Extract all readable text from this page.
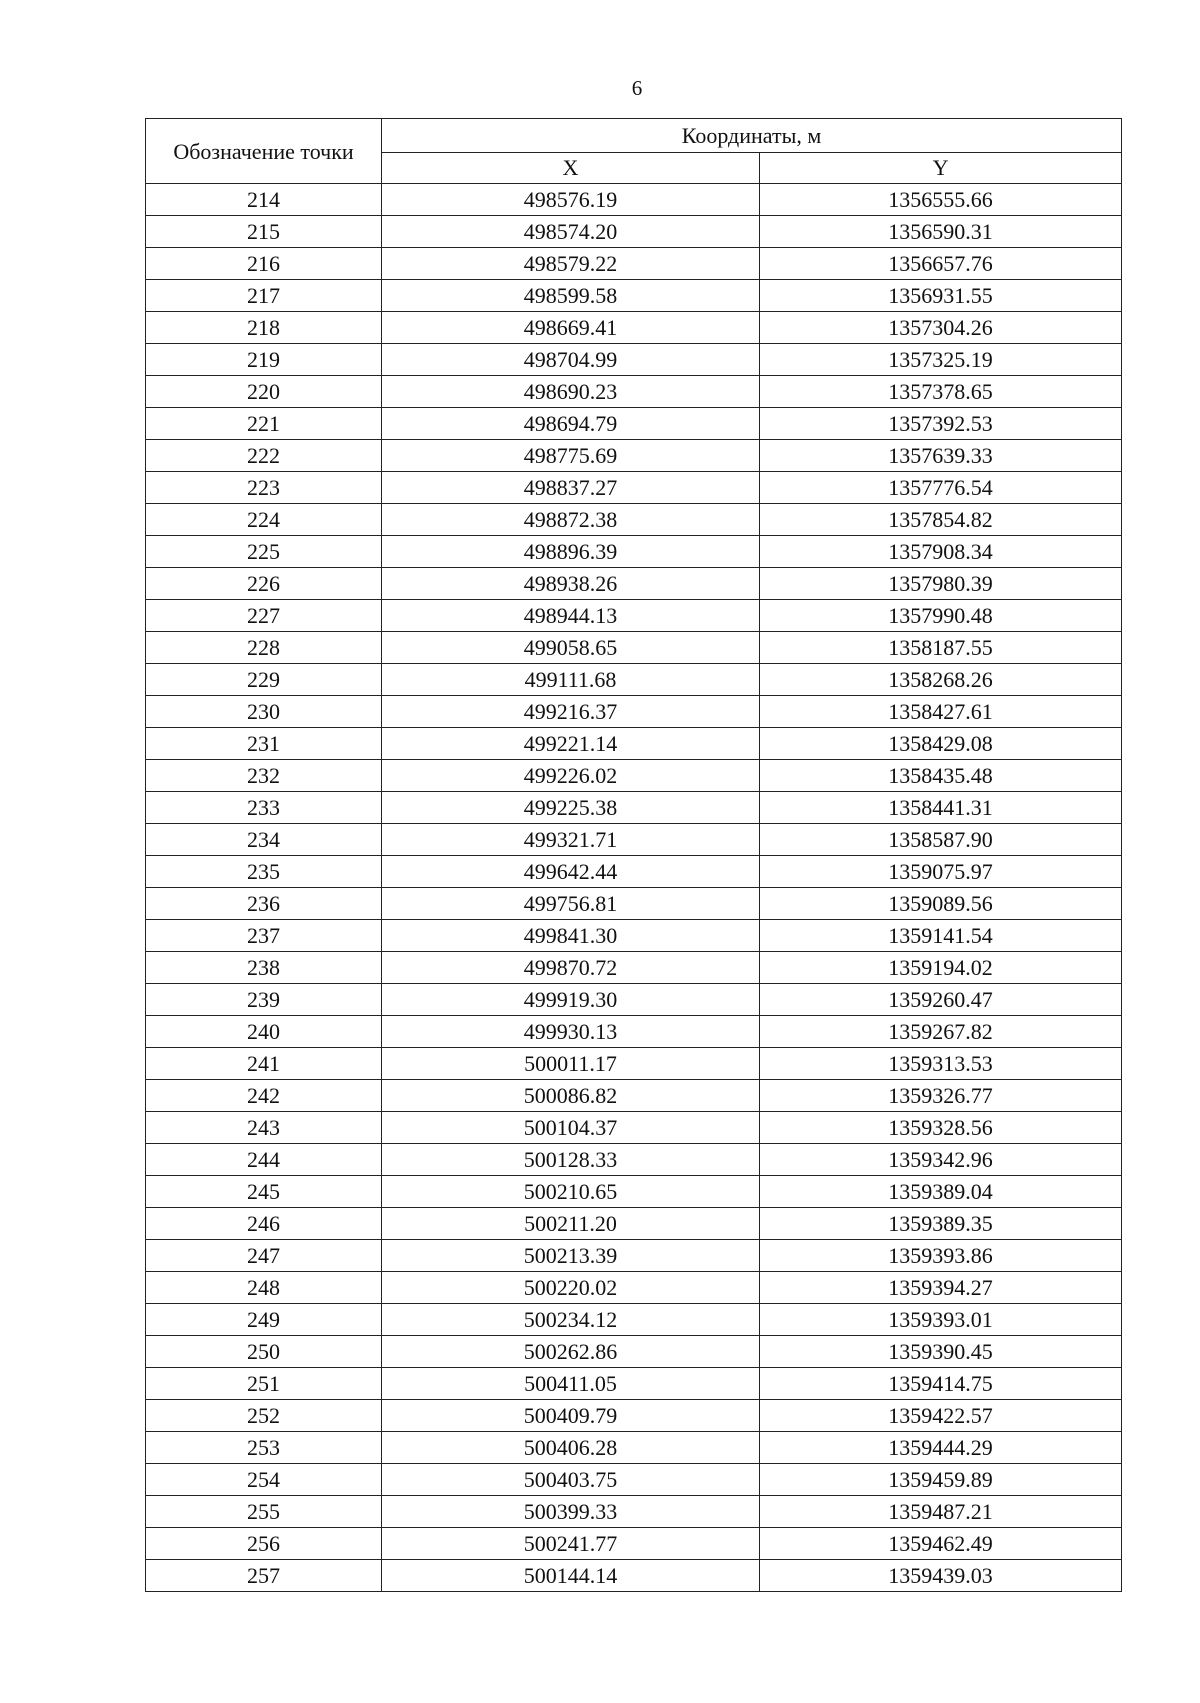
6
Обозначение точки	Координаты, м	
	X	Y
214	498576.19	1356555.66
215	498574.20	1356590.31
216	498579.22	1356657.76
217	498599.58	1356931.55
218	498669.41	1357304.26
219	498704.99	1357325.19
220	498690.23	1357378.65
221	498694.79	1357392.53
222	498775.69	1357639.33
223	498837.27	1357776.54
224	498872.38	1357854.82
225	498896.39	1357908.34
226	498938.26	1357980.39
227	498944.13	1357990.48
228	499058.65	1358187.55
229	499111.68	1358268.26
230	499216.37	1358427.61
231	499221.14	1358429.08
232	499226.02	1358435.48
233	499225.38	1358441.31
234	499321.71	1358587.90
235	499642.44	1359075.97
236	499756.81	1359089.56
237	499841.30	1359141.54
238	499870.72	1359194.02
239	499919.30	1359260.47
240	499930.13	1359267.82
241	500011.17	1359313.53
242	500086.82	1359326.77
243	500104.37	1359328.56
244	500128.33	1359342.96
245	500210.65	1359389.04
246	500211.20	1359389.35
247	500213.39	1359393.86
248	500220.02	1359394.27
249	500234.12	1359393.01
250	500262.86	1359390.45
251	500411.05	1359414.75
252	500409.79	1359422.57
253	500406.28	1359444.29
254	500403.75	1359459.89
255	500399.33	1359487.21
256	500241.77	1359462.49
257	500144.14	1359439.03
